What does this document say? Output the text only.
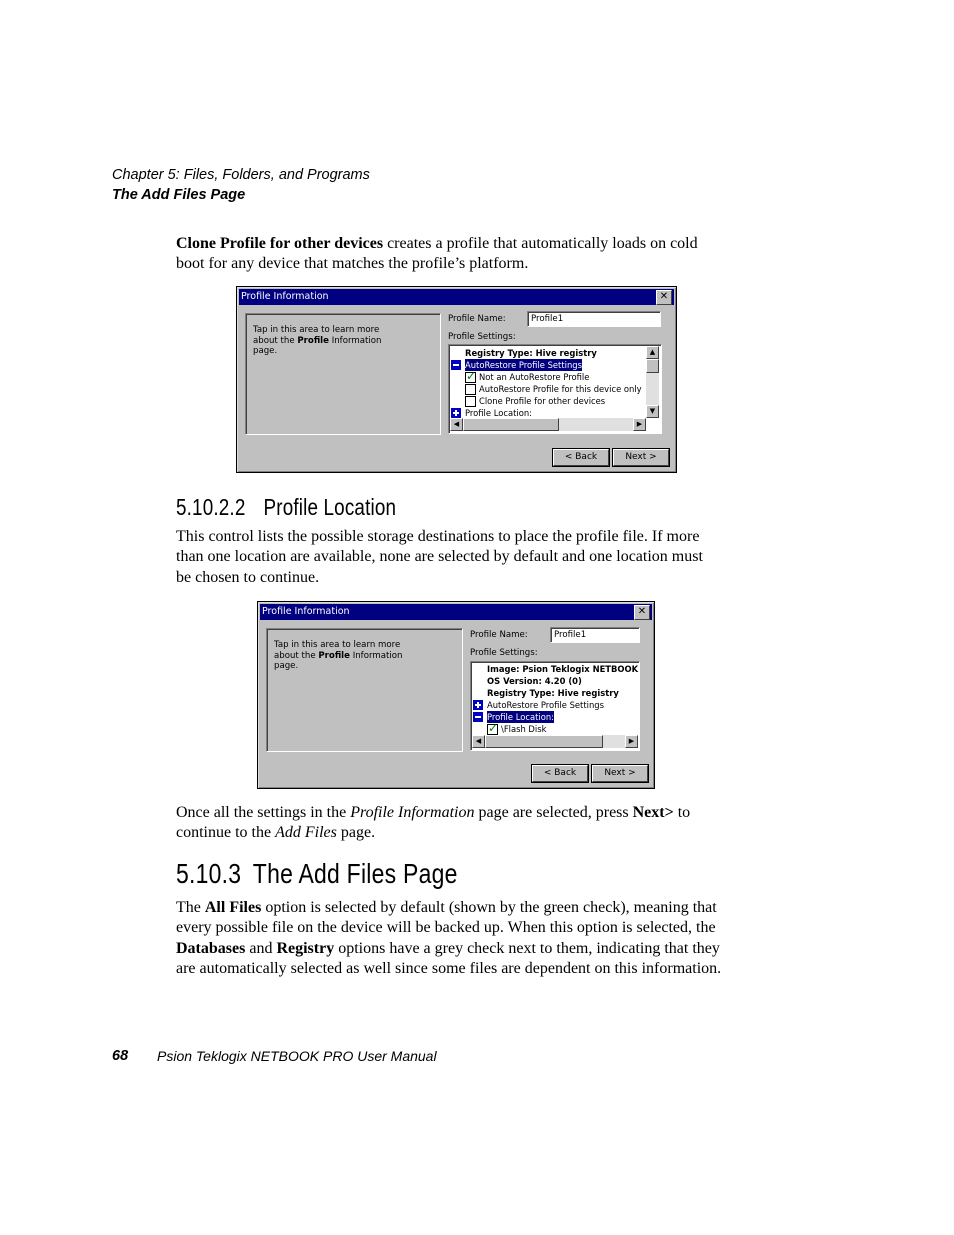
Chapter 5: Files, Folders, and Programs
The Add Files Page
Clone Profile for other devices creates a profile that automatically loads on cold
boot for any device that matches the profile’s platform.
Profile Information	✕
Tap in this area to learn more
about the Profile Information
page.
Profile Name:	Profile1
Profile Settings:
Registry Type: Hive registry
AutoRestore Profile Settings
✓
Not an AutoRestore Profile
AutoRestore Profile for this device only
Clone Profile for other devices
Profile Location:
▲
▼
◀	▶
< Back	Next >
5.10.2.2 Profile Location
This control lists the possible storage destinations to place the profile file. If more
than one location are available, none are selected by default and one location must
be chosen to continue.
Profile Information	✕
Tap in this area to learn more
about the Profile Information
page.
Profile Name:	Profile1
Profile Settings:
Image: Psion Teklogix NETBOOK
OS Version: 4.20 (0)
Registry Type: Hive registry
AutoRestore Profile Settings
Profile Location:
✓
\Flash Disk
◀	▶
< Back	Next >
Once all the settings in the Profile Information page are selected, press Next> to
continue to the Add Files page.
5.10.3 The Add Files Page
The All Files option is selected by default (shown by the green check), meaning that
every possible file on the device will be backed up. When this option is selected, the
Databases and Registry options have a grey check next to them, indicating that they
are automatically selected as well since some files are dependent on this information.
68 Psion Teklogix NETBOOK PRO User Manual
